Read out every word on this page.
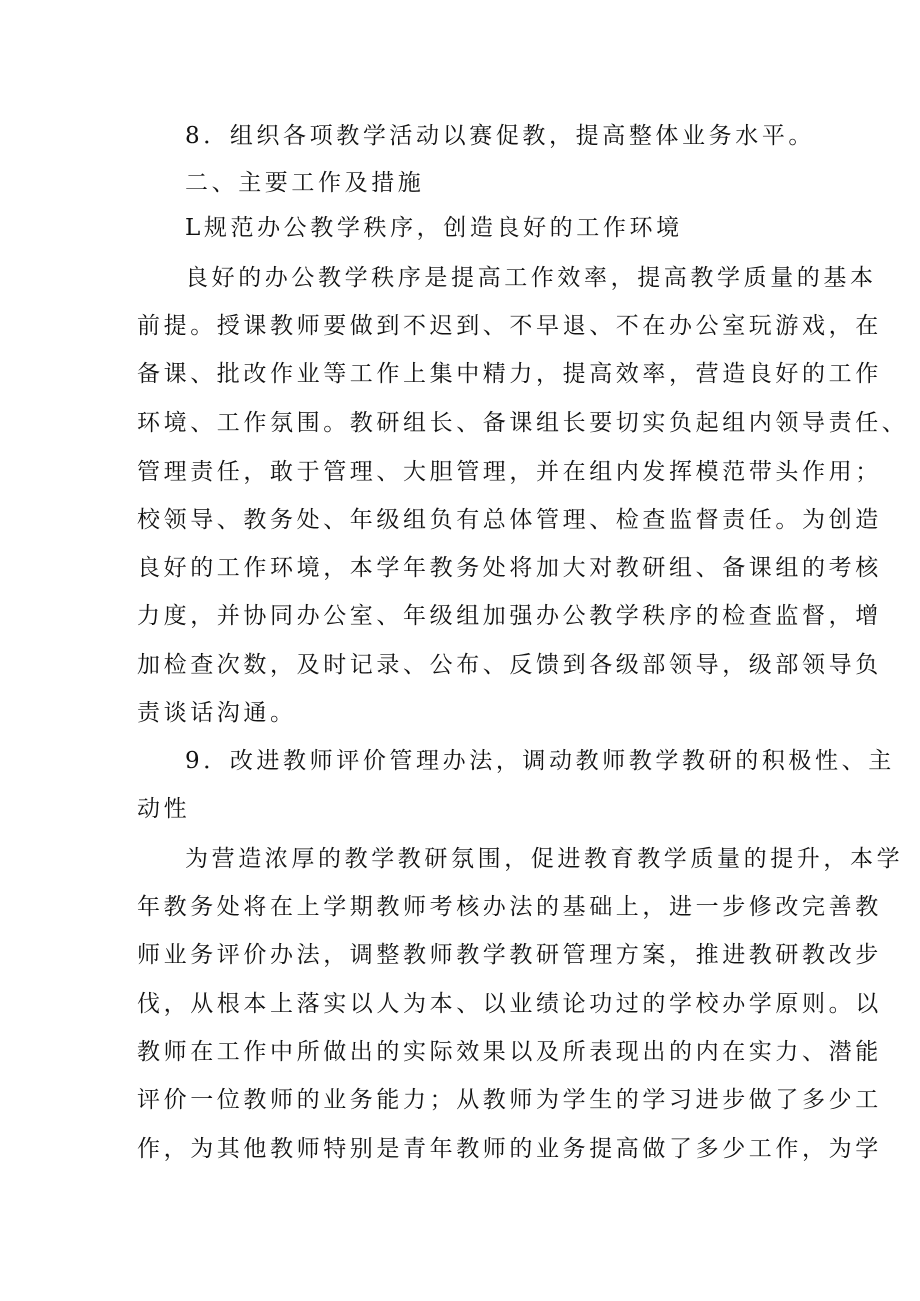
8．组织各项教学活动以赛促教，提高整体业务水平。
二、主要工作及措施
L规范办公教学秩序，创造良好的工作环境
良好的办公教学秩序是提高工作效率，提高教学质量的基本
前提。授课教师要做到不迟到、不早退、不在办公室玩游戏，在
备课、批改作业等工作上集中精力，提高效率，营造良好的工作
环境、工作氛围。教研组长、备课组长要切实负起组内领导责任、
管理责任，敢于管理、大胆管理，并在组内发挥模范带头作用；
校领导、教务处、年级组负有总体管理、检查监督责任。为创造
良好的工作环境，本学年教务处将加大对教研组、备课组的考核
力度，并协同办公室、年级组加强办公教学秩序的检查监督，增
加检查次数，及时记录、公布、反馈到各级部领导，级部领导负
责谈话沟通。
9．改进教师评价管理办法，调动教师教学教研的积极性、主
动性
为营造浓厚的教学教研氛围，促进教育教学质量的提升，本学
年教务处将在上学期教师考核办法的基础上，进一步修改完善教
师业务评价办法，调整教师教学教研管理方案，推进教研教改步
伐，从根本上落实以人为本、以业绩论功过的学校办学原则。以
教师在工作中所做出的实际效果以及所表现出的内在实力、潜能
评价一位教师的业务能力；从教师为学生的学习进步做了多少工
作，为其他教师特别是青年教师的业务提高做了多少工作，为学
